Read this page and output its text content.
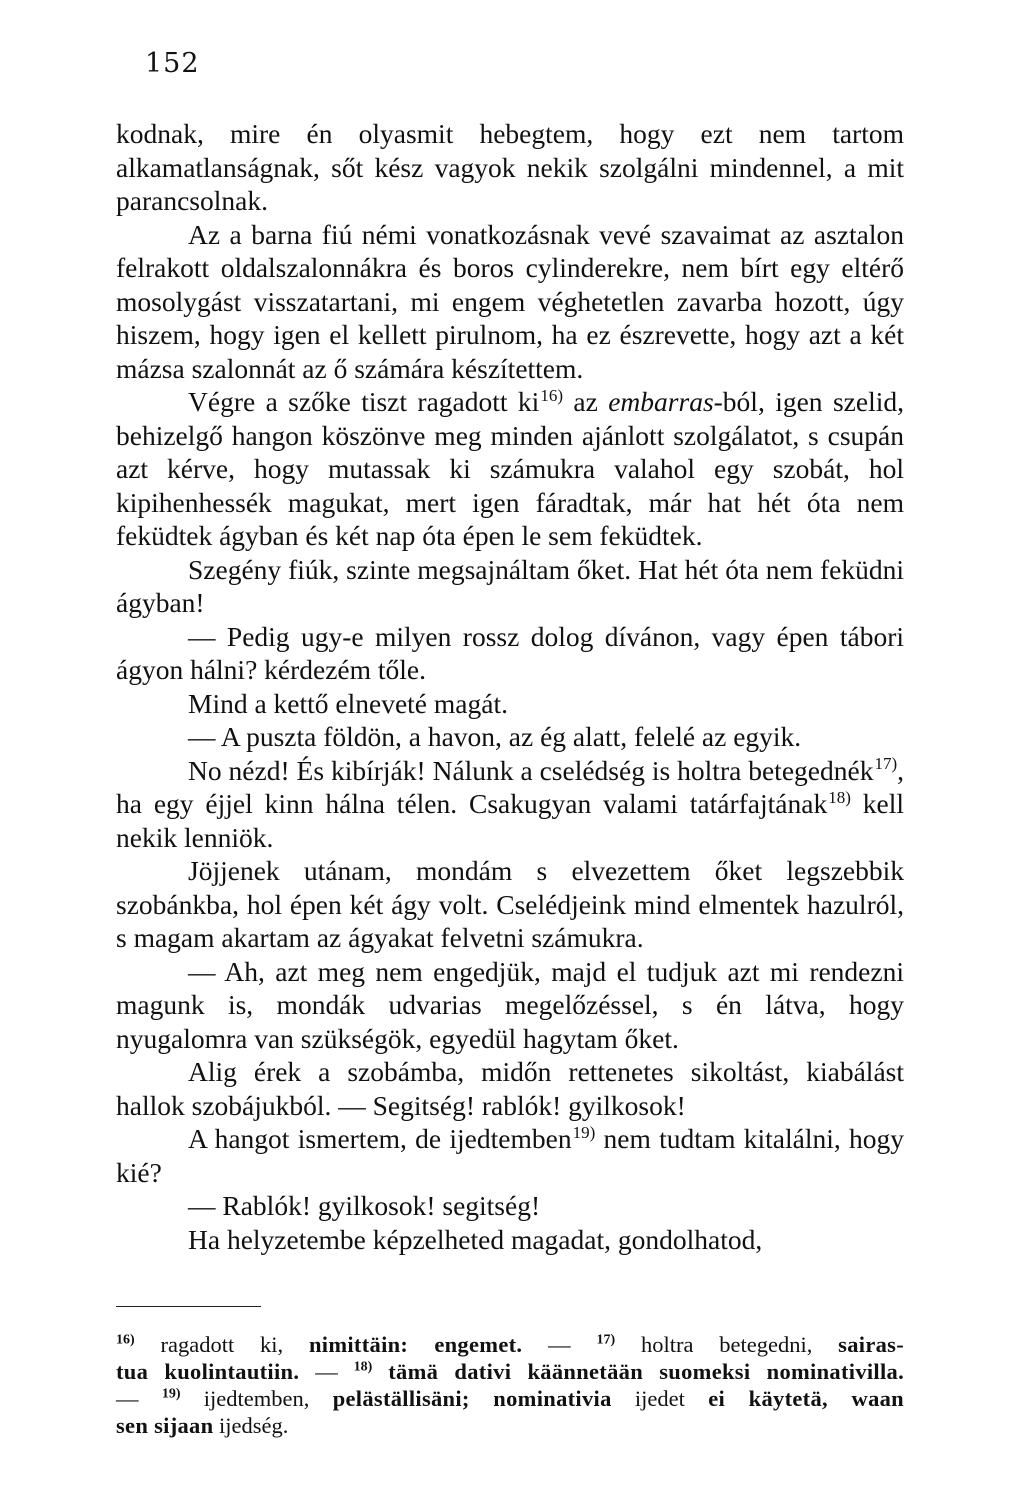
152

kodnak, mire én olyasmit hebegtem, hogy ezt nem tartom alkamatlanságnak, sőt kész vagyok nekik szolgálni mindennel, a mit parancsolnak.

Az a barna fiú némi vonatkozásnak vevé szavaimat az asztalon felrakott oldalszalonnákra és boros cylinderekre, nem bírt egy eltérő mosolygást visszatartani, mi engem véghetetlen zavarba hozott, úgy hiszem, hogy igen el kellett pirulnom, ha ez észrevette, hogy azt a két mázsa szalonnát az ő számára készítettem.

Végre a szőke tiszt ragadott ki$^{16)}$ az embarras-ból, igen szelid, behizelgő hangon köszönve meg minden ajánlott szolgálatot, s csupán azt kérve, hogy mutassak ki számukra valahol egy szobát, hol kipihenhessék magukat, mert igen fáradtak, már hat hét óta nem feküdtek ágyban és két nap óta épen le sem feküdtek.

Szegény fiúk, szinte megsajnáltam őket. Hat hét óta nem feküdni ágyban!

— Pedig ugy-e milyen rossz dolog dívánon, vagy épen tábori ágyon hálni? kérdezém tőle.

Mind a kettő elneveté magát.

— A puszta földön, a havon, az ég alatt, felelé az egyik.

No nézd! És kibírják! Nálunk a cselédség is holtra betegednék$^{17)}$, ha egy éjjel kinn hálna télen. Csakugyan valami tatárfajtának$^{18)}$ kell nekik lenniök.

Jöjjenek utánam, mondám s elvezettem őket legszebbik szobánkba, hol épen két ágy volt. Cselédjeink mind elmentek hazulról, s magam akartam az ágyakat felvetni számukra.

— Ah, azt meg nem engedjük, majd el tudjuk azt mi rendezni magunk is, mondák udvarias megelőzéssel, s én látva, hogy nyugalomra van szükségök, egyedül hagytam őket.

Alig érek a szobámba, midőn rettenetes sikoltást, kiabálást hallok szobájukból. — Segitség! rablók! gyilkosok!

A hangot ismertem, de ijedtemben$^{19)}$ nem tudtam kitalálni, hogy kié?

— Rablók! gyilkosok! segitség!

Ha helyzetembe képzelheted magadat, gondolhatod,

$^{16)}$ ragadott ki, nimittäin: engemet. — $^{17)}$ holtra betegedni, sairas-

tua kuolintautiin. — $^{18)}$ tämä dativi käännetään suomeksi nominativilla.

— $^{19)}$ ijedtemben, peläställisäni; nominativia ijedet ei käytetä, waan

sen sijaan ijedség.
